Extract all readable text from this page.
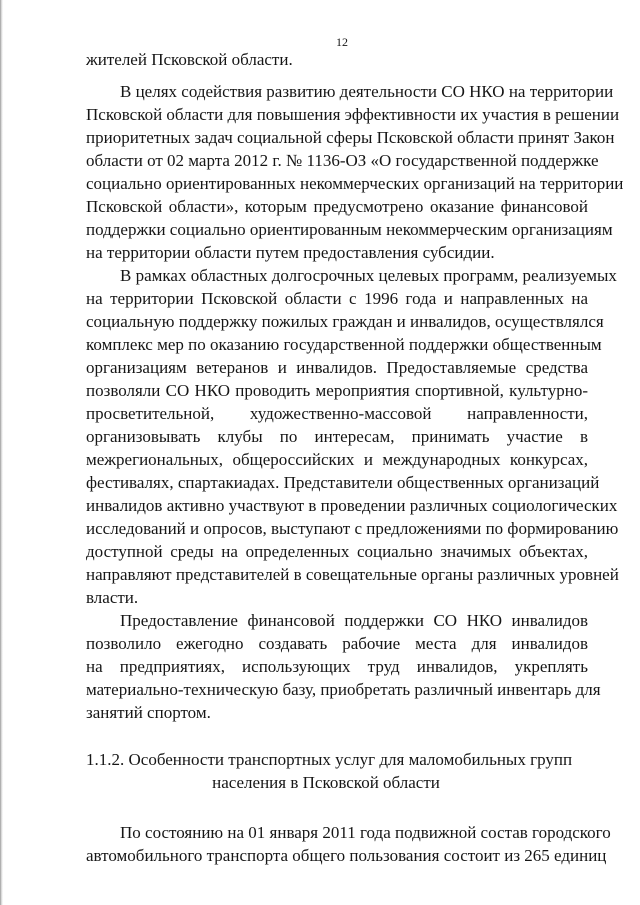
12
жителей Псковской области.
В целях содействия развитию деятельности СО НКО на территории
Псковской области для повышения эффективности их участия в решении
приоритетных задач социальной сферы Псковской области принят Закон
области от 02 марта 2012 г. № 1136-ОЗ «О государственной поддержке
социально ориентированных некоммерческих организаций на территории
Псковской области», которым предусмотрено оказание финансовой
поддержки социально ориентированным некоммерческим организациям
на территории области путем предоставления субсидии.
В рамках областных долгосрочных целевых программ, реализуемых
на территории Псковской области с 1996 года и направленных на
социальную поддержку пожилых граждан и инвалидов, осуществлялся
комплекс мер по оказанию государственной поддержки общественным
организациям ветеранов и инвалидов. Предоставляемые средства
позволяли СО НКО проводить мероприятия спортивной, культурно-
просветительной, художественно-массовой направленности,
организовывать клубы по интересам, принимать участие в
межрегиональных, общероссийских и международных конкурсах,
фестивалях, спартакиадах. Представители общественных организаций
инвалидов активно участвуют в проведении различных социологических
исследований и опросов, выступают с предложениями по формированию
доступной среды на определенных социально значимых объектах,
направляют представителей в совещательные органы различных уровней
власти.
Предоставление финансовой поддержки СО НКО инвалидов
позволило ежегодно создавать рабочие места для инвалидов
на предприятиях, использующих труд инвалидов, укреплять
материально-техническую базу, приобретать различный инвентарь для
занятий спортом.
1.1.2. Особенности транспортных услуг для маломобильных групп
населения в Псковской области
По состоянию на 01 января 2011 года подвижной состав городского
автомобильного транспорта общего пользования состоит из 265 единиц
